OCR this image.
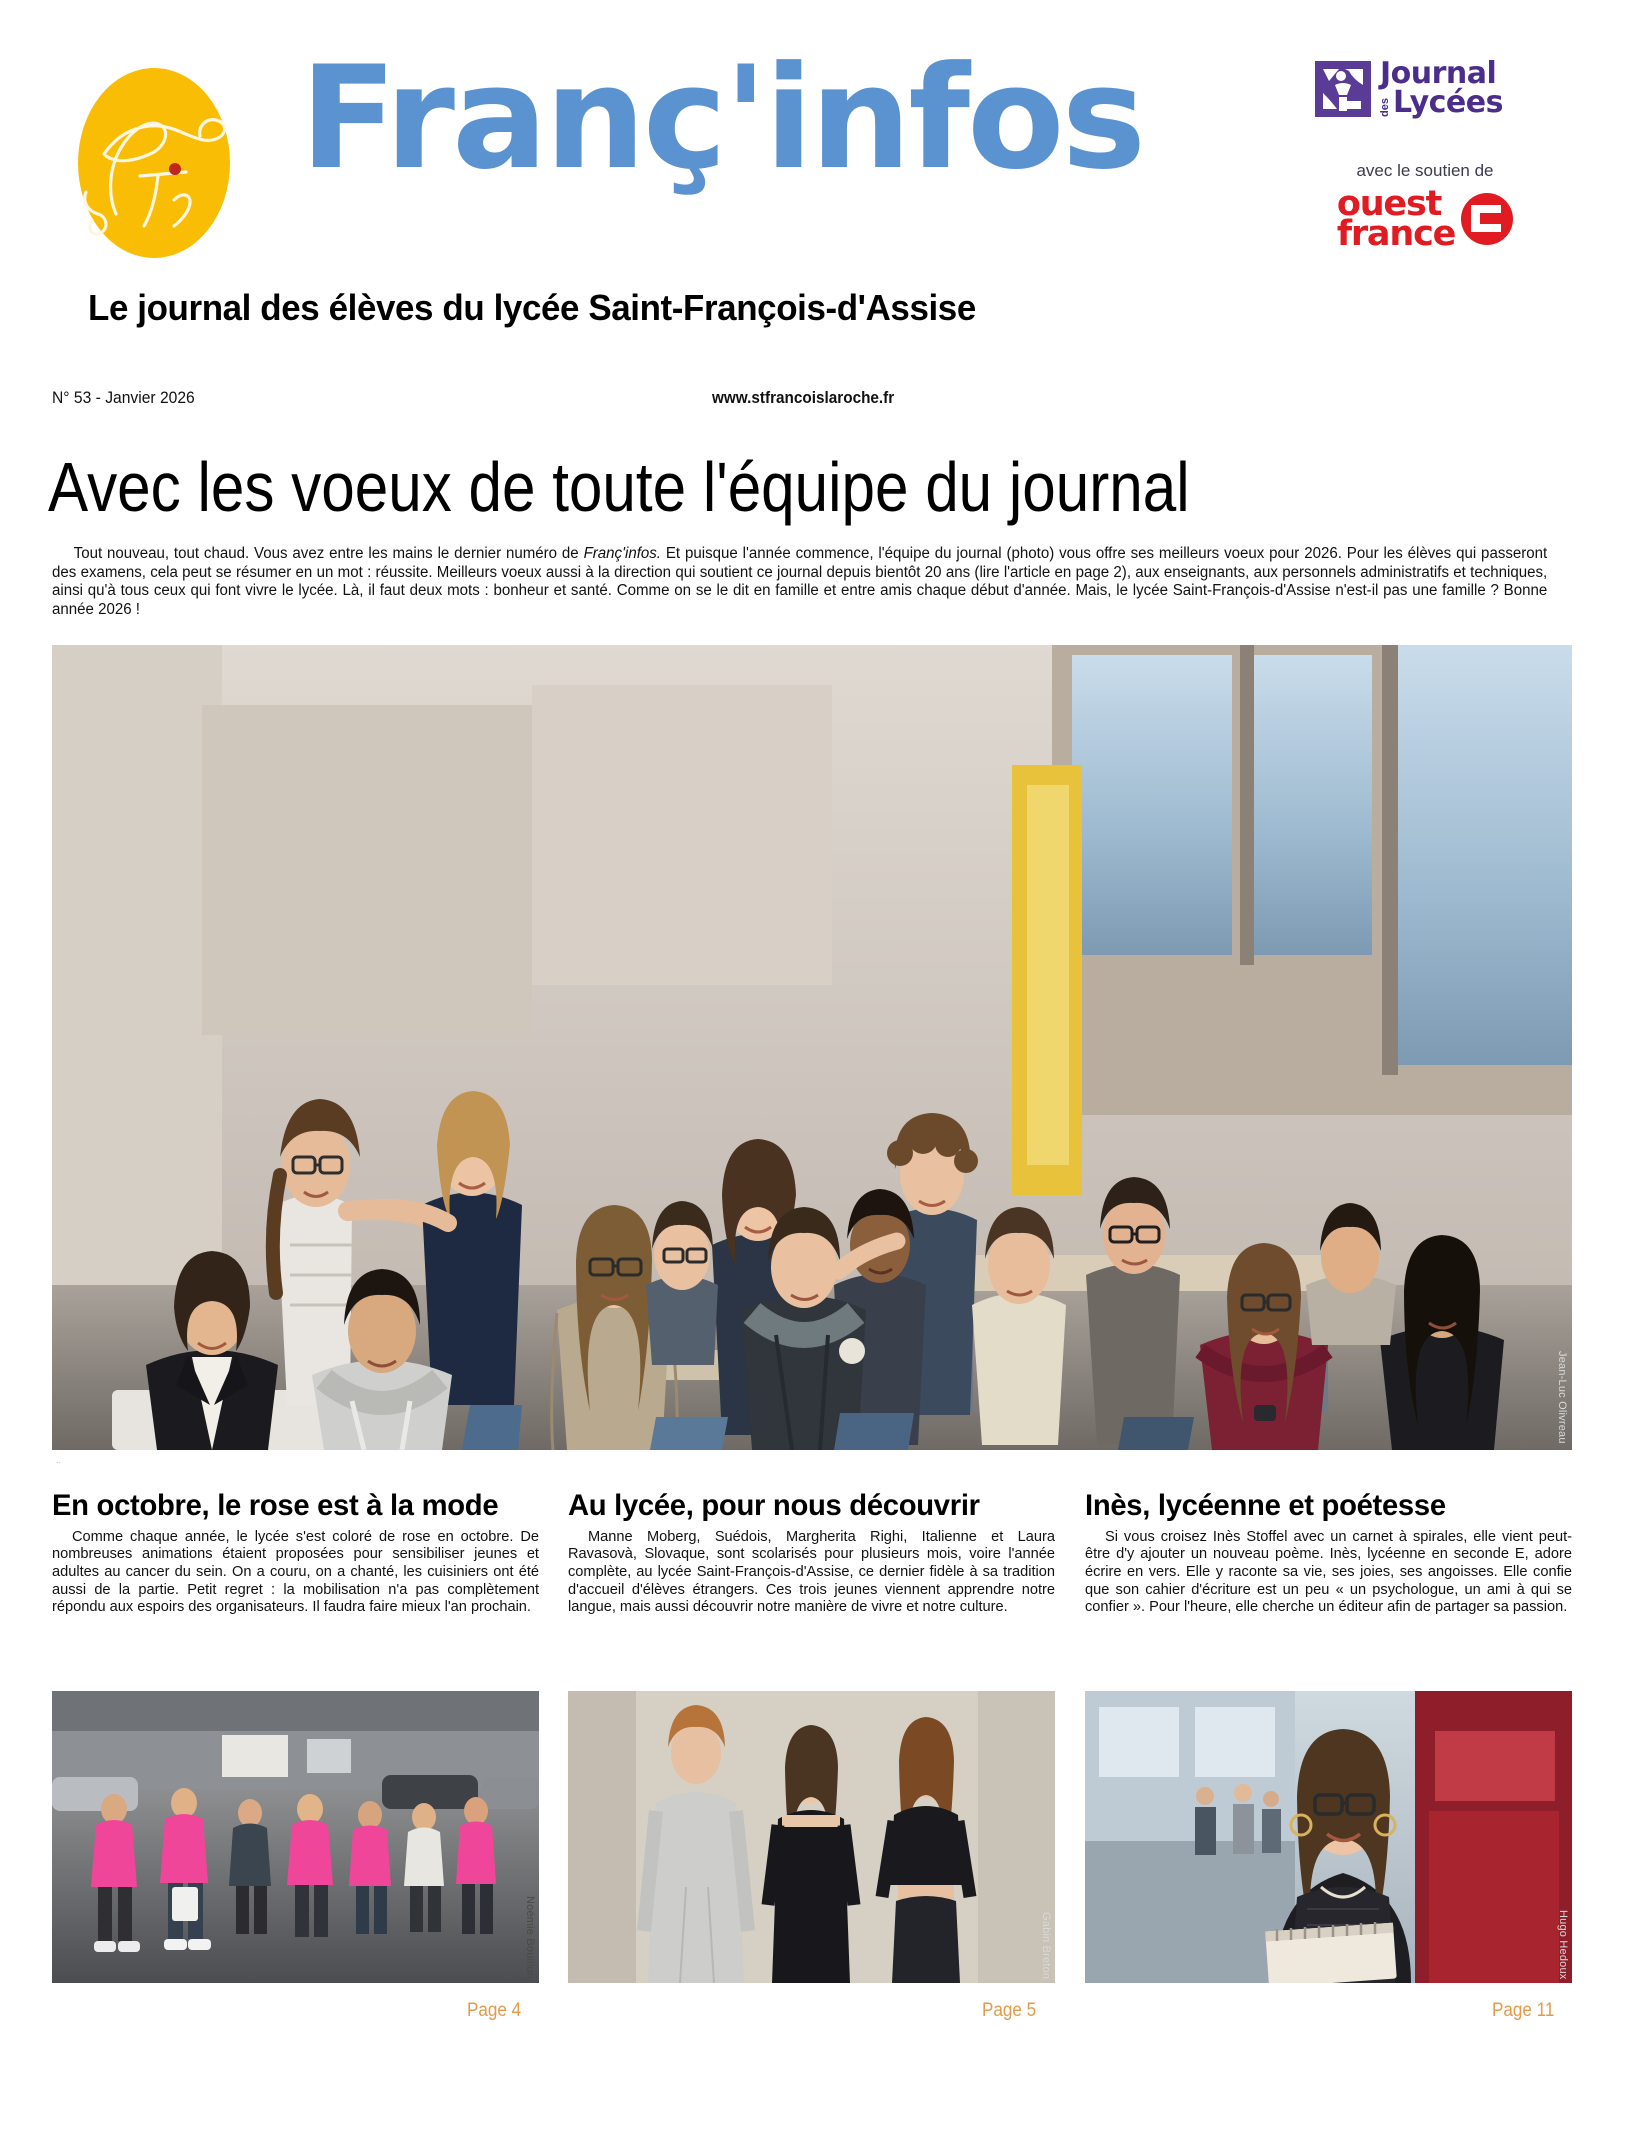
Franç'infos
Le journal des élèves du lycée Saint-François-d'Assise
Journal
des Lycées
avec le soutien de
ouest
france
N° 53 - Janvier 2026	www.stfrancoislaroche.fr
Avec les voeux de toute l'équipe du journal
Tout nouveau, tout chaud. Vous avez entre les mains le dernier numéro de Franç'infos. Et puisque l'année commence, l'équipe du journal (photo) vous offre ses meilleurs voeux pour 2026. Pour les élèves qui passeront des examens, cela peut se résumer en un mot : réussite. Meilleurs voeux aussi à la direction qui soutient ce journal depuis bientôt 20 ans (lire l'article en page 2), aux enseignants, aux personnels administratifs et techniques, ainsi qu'à tous ceux qui font vivre le lycée. Là, il faut deux mots : bonheur et santé. Comme on se le dit en famille et entre amis chaque début d'année. Mais, le lycée Saint-François-d'Assise n'est-il pas une famille ? Bonne année 2026 !
Jean-Luc Olivreau
..
En octobre, le rose est à la mode
Comme chaque année, le lycée s'est coloré de rose en octobre. De nombreuses animations étaient proposées pour sensibiliser jeunes et adultes au cancer du sein. On a couru, on a chanté, les cuisiniers ont été aussi de la partie. Petit regret : la mobilisation n'a pas complètement répondu aux espoirs des organisateurs. Il faudra faire mieux l'an prochain.
Noémie Bouillon
Au lycée, pour nous découvrir
Manne Moberg, Suédois, Margherita Righi, Italienne et Laura Ravasovà, Slovaque, sont scolarisés pour plusieurs mois, voire l'année complète, au lycée Saint-François-d'Assise, ce dernier fidèle à sa tradition d'accueil d'élèves étrangers. Ces trois jeunes viennent apprendre notre langue, mais aussi découvrir notre manière de vivre et notre culture.
Gabin Breton
Inès, lycéenne et poétesse
Si vous croisez Inès Stoffel avec un carnet à spirales, elle vient peut-être d'y ajouter un nouveau poème. Inès, lycéenne en seconde E, adore écrire en vers. Elle y raconte sa vie, ses joies, ses angoisses. Elle confie que son cahier d'écriture est un peu « un psychologue, un ami à qui se confier ». Pour l'heure, elle cherche un éditeur afin de partager sa passion.
Hugo Hedoux
Page 4	Page 5	Page 11
